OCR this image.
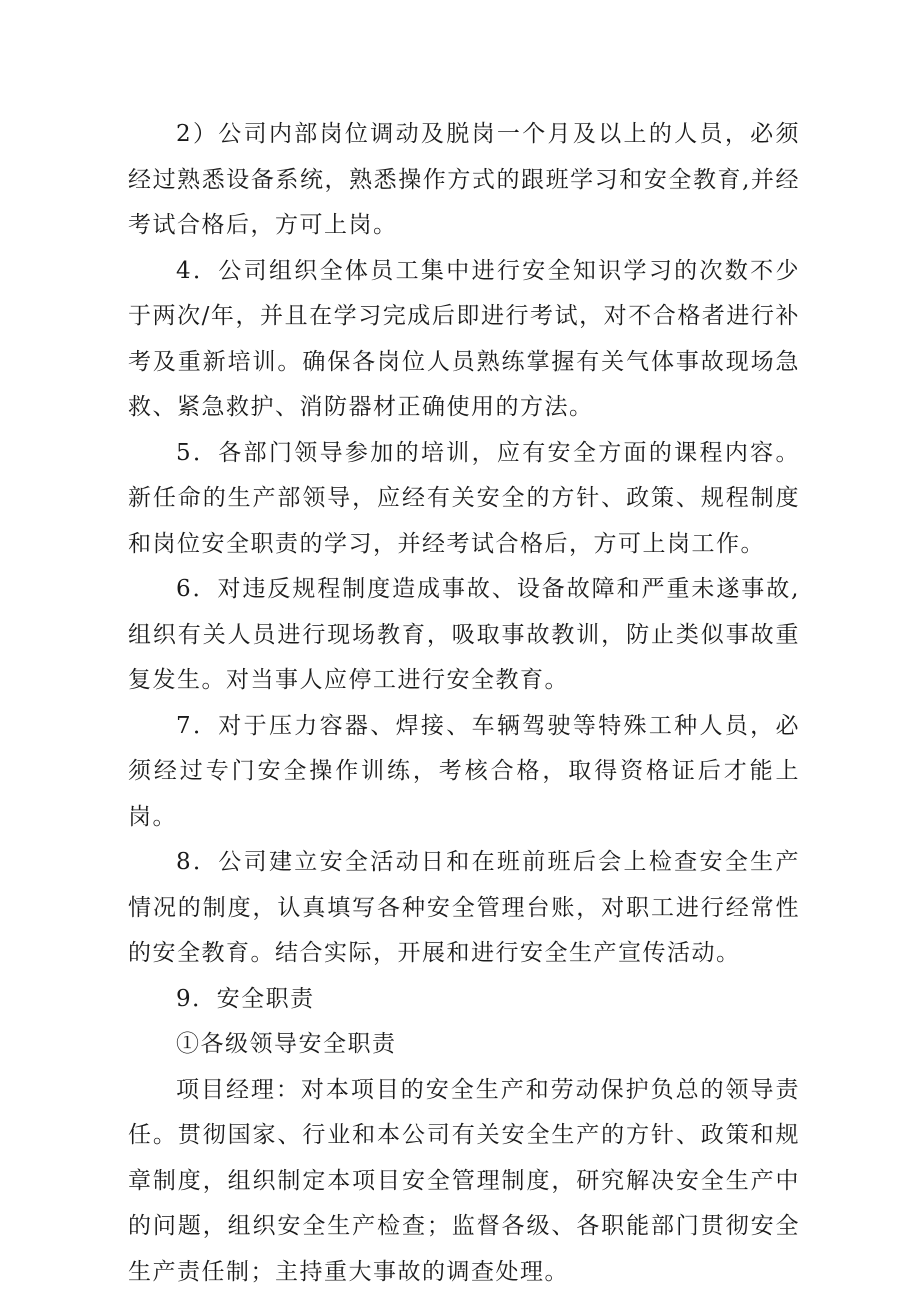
2）公司内部岗位调动及脱岗一个月及以上的人员，必须经过熟悉设备系统，熟悉操作方式的跟班学习和安全教育,并经考试合格后，方可上岗。

4．公司组织全体员工集中进行安全知识学习的次数不少于两次/年，并且在学习完成后即进行考试，对不合格者进行补考及重新培训。确保各岗位人员熟练掌握有关气体事故现场急救、紧急救护、消防器材正确使用的方法。

5．各部门领导参加的培训，应有安全方面的课程内容。新任命的生产部领导，应经有关安全的方针、政策、规程制度和岗位安全职责的学习，并经考试合格后，方可上岗工作。

6．对违反规程制度造成事故、设备故障和严重未遂事故,组织有关人员进行现场教育，吸取事故教训，防止类似事故重复发生。对当事人应停工进行安全教育。

7．对于压力容器、焊接、车辆驾驶等特殊工种人员，必须经过专门安全操作训练，考核合格，取得资格证后才能上岗。

8．公司建立安全活动日和在班前班后会上检查安全生产情况的制度，认真填写各种安全管理台账，对职工进行经常性的安全教育。结合实际，开展和进行安全生产宣传活动。

9．安全职责

①各级领导安全职责

项目经理：对本项目的安全生产和劳动保护负总的领导责任。贯彻国家、行业和本公司有关安全生产的方针、政策和规章制度，组织制定本项目安全管理制度，研究解决安全生产中的问题，组织安全生产检查；监督各级、各职能部门贯彻安全生产责任制；主持重大事故的调查处理。
